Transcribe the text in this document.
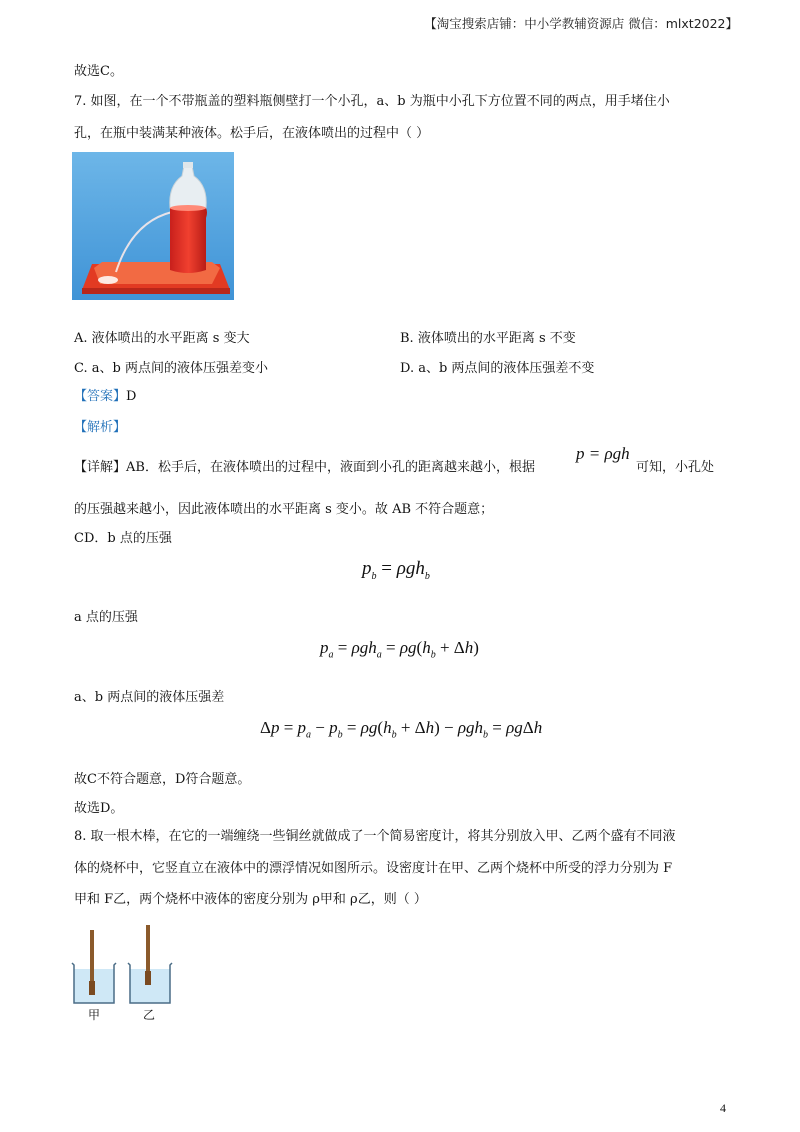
【淘宝搜索店铺：中小学教辅资源店 微信：mlxt2022】
故选C。
7. 如图，在一个不带瓶盖的塑料瓶侧壁打一个小孔，a、b 为瓶中小孔下方位置不同的两点，用手堵住小
孔，在瓶中装满某种液体。松手后，在液体喷出的过程中（ ）
A. 液体喷出的水平距离 s 变大	B. 液体喷出的水平距离 s 不变
C. a、b 两点间的液体压强差变小	D. a、b 两点间的液体压强差不变
【答案】D
【解析】
【详解】AB．松手后，在液体喷出的过程中，液面到小孔的距离越来越小，根据
p = ρgh
可知，小孔处
的压强越来越小，因此液体喷出的水平距离 s 变小。故 AB 不符合题意；
CD．b 点的压强
$p_b = \rho gh_b$
a 点的压强
$p_a = \rho gh_a = \rho g(h_b + \Delta h)$
a、b 两点间的液体压强差
$\Delta p = p_a - p_b = \rho g(h_b + \Delta h) - \rho gh_b = \rho g\Delta h$
故C不符合题意，D符合题意。
故选D。
8. 取一根木棒，在它的一端缠绕一些铜丝就做成了一个简易密度计，将其分别放入甲、乙两个盛有不同液
体的烧杯中，它竖直立在液体中的漂浮情况如图所示。设密度计在甲、乙两个烧杯中所受的浮力分别为 F
甲和 F乙，两个烧杯中液体的密度分别为 ρ甲和 ρ乙，则（ ）
甲	乙
4
